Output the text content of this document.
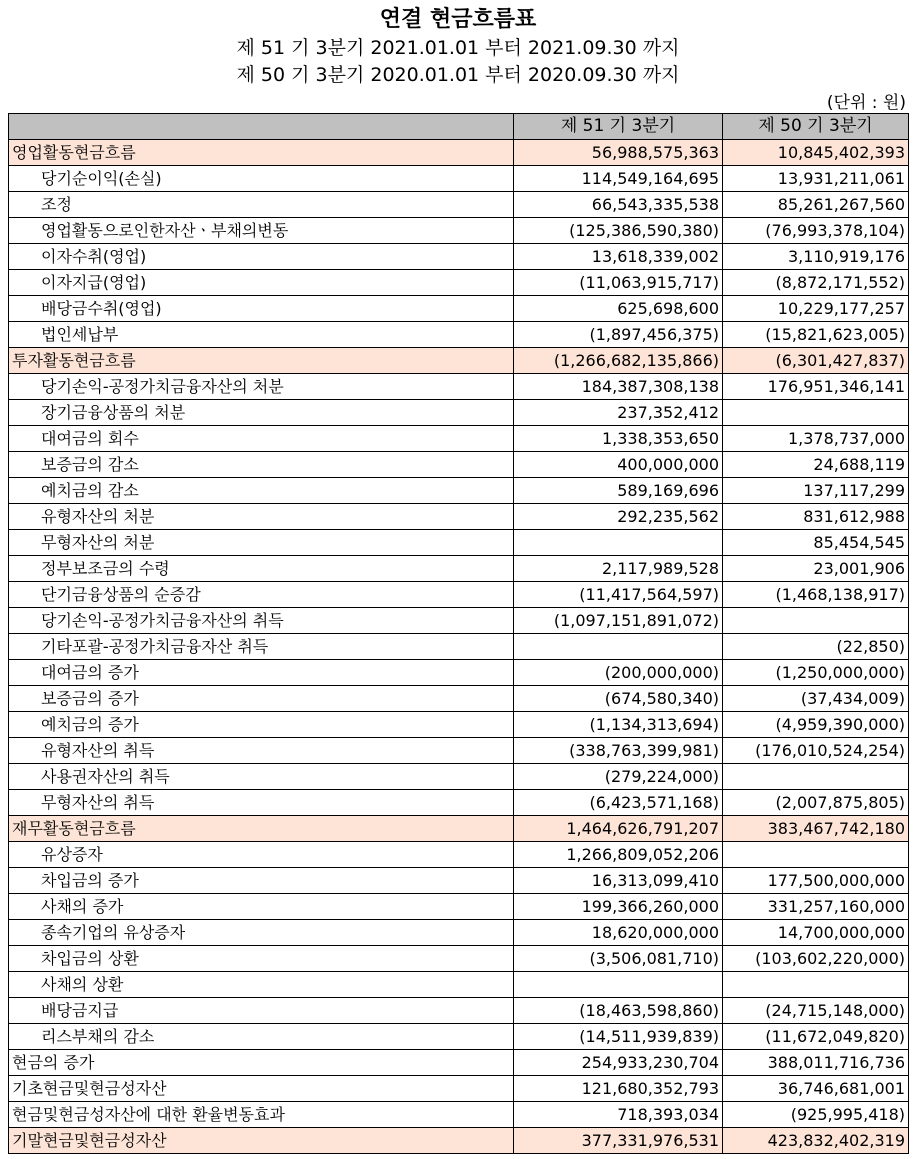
연결 현금흐름표
제 51 기 3분기 2021.01.01 부터 2021.09.30 까지
제 50 기 3분기 2020.01.01 부터 2020.09.30 까지
(단위 : 원)
	제 51 기 3분기	제 50 기 3분기
영업활동현금흐름	56,988,575,363	10,845,402,393
당기순이익(손실)	114,549,164,695	13,931,211,061
조정	66,543,335,538	85,261,267,560
영업활동으로인한자산ㆍ부채의변동	(125,386,590,380)	(76,993,378,104)
이자수취(영업)	13,618,339,002	3,110,919,176
이자지급(영업)	(11,063,915,717)	(8,872,171,552)
배당금수취(영업)	625,698,600	10,229,177,257
법인세납부	(1,897,456,375)	(15,821,623,005)
투자활동현금흐름	(1,266,682,135,866)	(6,301,427,837)
당기손익-공정가치금융자산의 처분	184,387,308,138	176,951,346,141
장기금융상품의 처분	237,352,412	
대여금의 회수	1,338,353,650	1,378,737,000
보증금의 감소	400,000,000	24,688,119
예치금의 감소	589,169,696	137,117,299
유형자산의 처분	292,235,562	831,612,988
무형자산의 처분		85,454,545
정부보조금의 수령	2,117,989,528	23,001,906
단기금융상품의 순증감	(11,417,564,597)	(1,468,138,917)
당기손익-공정가치금융자산의 취득	(1,097,151,891,072)	
기타포괄-공정가치금융자산 취득		(22,850)
대여금의 증가	(200,000,000)	(1,250,000,000)
보증금의 증가	(674,580,340)	(37,434,009)
예치금의 증가	(1,134,313,694)	(4,959,390,000)
유형자산의 취득	(338,763,399,981)	(176,010,524,254)
사용권자산의 취득	(279,224,000)	
무형자산의 취득	(6,423,571,168)	(2,007,875,805)
재무활동현금흐름	1,464,626,791,207	383,467,742,180
유상증자	1,266,809,052,206	
차입금의 증가	16,313,099,410	177,500,000,000
사채의 증가	199,366,260,000	331,257,160,000
종속기업의 유상증자	18,620,000,000	14,700,000,000
차입금의 상환	(3,506,081,710)	(103,602,220,000)
사채의 상환		
배당금지급	(18,463,598,860)	(24,715,148,000)
리스부채의 감소	(14,511,939,839)	(11,672,049,820)
현금의 증가	254,933,230,704	388,011,716,736
기초현금및현금성자산	121,680,352,793	36,746,681,001
현금및현금성자산에 대한 환율변동효과	718,393,034	(925,995,418)
기말현금및현금성자산	377,331,976,531	423,832,402,319
